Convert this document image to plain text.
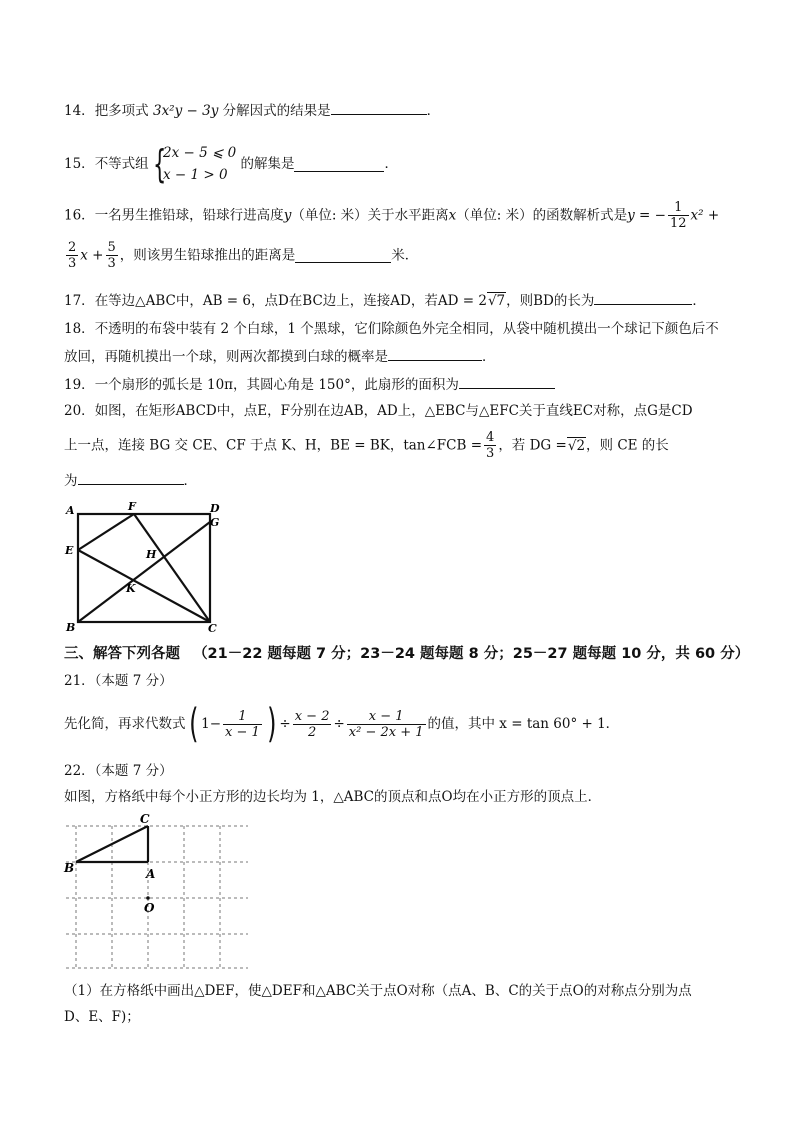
14．把多项式 3x²y − 3y 分解因式的结果是	．
15．不等式组 {
2x − 5 ⩽ 0
x − 1 > 0
的解集是	．
16．一名男生推铅球，铅球行进高度y（单位: 米）关于水平距离x（单位: 米）的函数解析式是y = − $\frac{1}{12} x^2$ +
$\frac{2}{3}$ $x + \frac{5}{3}$ ，则该男生铅球推出的距离是	米．
17．在等边△ABC中，AB = 6，点D在BC边上，连接AD，若AD = 2√7，则BD的长为	．
18．不透明的布袋中装有 2 个白球，1 个黑球，它们除颜色外完全相同，从袋中随机摸出一个球记下颜色后不
放回，再随机摸出一个球，则两次都摸到白球的概率是	．
19．一个扇形的弧长是 10π，其圆心角是 150°，此扇形的面积为
20．如图，在矩形ABCD中，点E，F分别在边AB，AD上，△EBC与△EFC关于直线EC对称，点G是CD
上一点，连接 BG 交 CE、CF 于点 K、H，BE = BK，tan∠FCB = $\frac{4}{3}$ ，若 DG =√2，则 CE 的长
为	．
A	F	D
G
E	H
K
B	C
三、解答下列各题 （21－22 题每题 7 分；23－24 题每题 8 分；25－27 题每题 10 分，共 60 分）
21．（本题 7 分）
先化简，再求代数式( $1- \frac{1}{x - 1}$ ) ÷ $\frac{x - 2}{2} \div \frac{x - 1}{\text{x² − 2x + 1}}$ 的值，其中 x = tan 60° + 1．
22．（本题 7 分）
如图，方格纸中每个小正方形的边长均为 1，△ABC的顶点和点O均在小正方形的顶点上．
C
B	A
O
（1）在方格纸中画出△DEF，使△DEF和△ABC关于点O对称（点A、B、C的关于点O的对称点分别为点
D、E、F)；
